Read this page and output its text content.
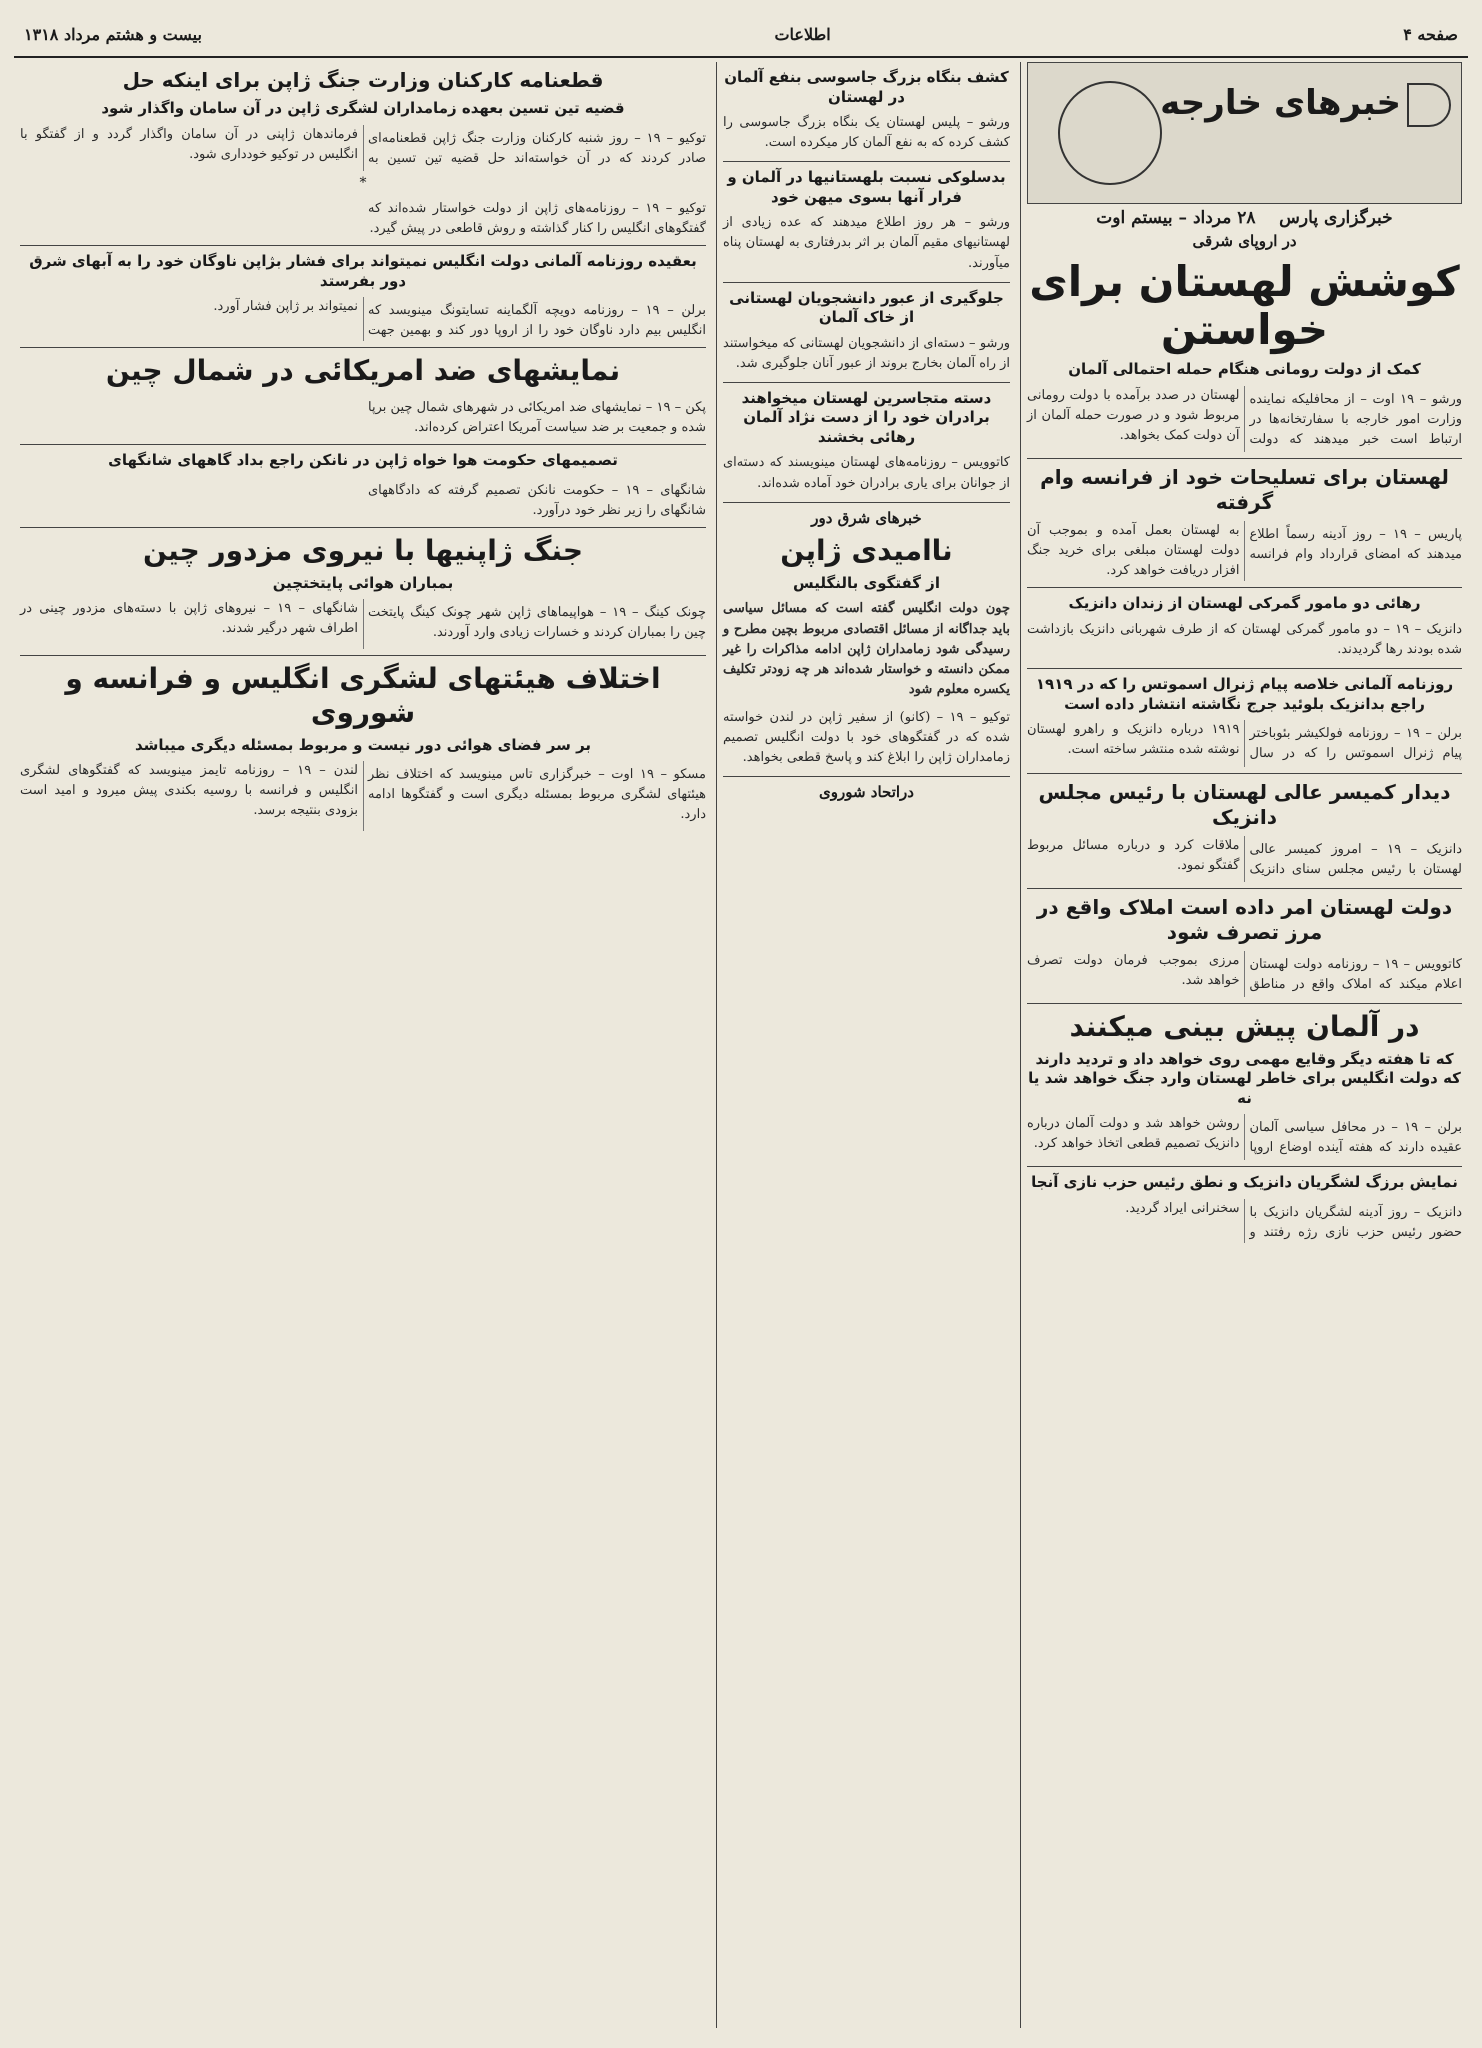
صفحه ۴
اطلاعات
بیست و هشتم مرداد ۱۳۱۸
خبرهای خارجه
خبرگزاری پارس    ۲۸ مرداد – بیستم اوت
در اروپای شرقی
کوشش لهستان برای خواستن
کمک از دولت رومانی هنگام حمله احتمالی آلمان

ورشو – ۱۹ اوت – از محافلیکه نماینده وزارت امور خارجه با سفارتخانه‌ها در ارتباط است خبر میدهند که دولت لهستان در صدد برآمده با دولت رومانی مربوط شود و در صورت حمله آلمان از آن دولت کمک بخواهد.

لهستان برای تسلیحات خود از فرانسه وام گرفته

پاریس – ۱۹ – روز آدینه رسماً اطلاع میدهند که امضای قرارداد وام فرانسه به لهستان بعمل آمده و بموجب آن دولت لهستان مبلغی برای خرید جنگ افزار دریافت خواهد کرد.

رهائی دو مامور گمرکی لهستان از زندان دانزیک

دانزیک – ۱۹ – دو مامور گمرکی لهستان که از طرف شهربانی دانزیک بازداشت شده بودند رها گردیدند.

روزنامه آلمانی خلاصه پیام ژنرال اسموتس را که در ۱۹۱۹ راجع بدانزیک بلوئید جرج نگاشته انتشار داده است

برلن – ۱۹ – روزنامه فولکیشر بئوباختر پیام ژنرال اسموتس را که در سال ۱۹۱۹ درباره دانزیک و راهرو لهستان نوشته شده منتشر ساخته است.

دیدار کمیسر عالی لهستان با رئیس مجلس دانزیک

دانزیک – ۱۹ – امروز کمیسر عالی لهستان با رئیس مجلس سنای دانزیک ملاقات کرد و درباره مسائل مربوط گفتگو نمود.

دولت لهستان امر داده است املاک واقع در مرز تصرف شود

کاتوویس – ۱۹ – روزنامه دولت لهستان اعلام میکند که املاک واقع در مناطق مرزی بموجب فرمان دولت تصرف خواهد شد.

در آلمان پیش بینی میکنند
که تا هفته دیگر وقایع مهمی روی خواهد داد و تردید دارند که دولت انگلیس برای خاطر لهستان وارد جنگ خواهد شد یا نه

برلن – ۱۹ – در محافل سیاسی آلمان عقیده دارند که هفته آینده اوضاع اروپا روشن خواهد شد و دولت آلمان درباره دانزیک تصمیم قطعی اتخاذ خواهد کرد.

نمایش برزگ لشگریان دانزیک و نطق رئیس حزب نازی آنجا

دانزیک – روز آدینه لشگریان دانزیک با حضور رئیس حزب نازی رژه رفتند و سخنرانی ایراد گردید.

کشف بنگاه بزرگ جاسوسی بنفع آلمان در لهستان

ورشو – پلیس لهستان یک بنگاه بزرگ جاسوسی را کشف کرده که به نفع آلمان کار میکرده است.

بدسلوکی نسبت بلهستانیها در آلمان و فرار آنها بسوی میهن خود

ورشو – هر روز اطلاع میدهند که عده زیادی از لهستانیهای مقیم آلمان بر اثر بدرفتاری به لهستان پناه میآورند.

جلوگیری از عبور دانشجویان لهستانی از خاک آلمان

ورشو – دسته‌ای از دانشجویان لهستانی که میخواستند از راه آلمان بخارج بروند از عبور آنان جلوگیری شد.

دسته متجاسرین لهستان میخواهند برادران خود را از دست نژاد آلمان رهائی بخشند

کاتوویس – روزنامه‌های لهستان مینویسند که دسته‌ای از جوانان برای یاری برادران خود آماده شده‌اند.

خبرهای شرق دور
ناامیدی ژاپن
از گفتگوی بالنگلیس

چون دولت انگلیس گفته است که مسائل سیاسی باید جداگانه از مسائل اقتصادی مربوط بچین مطرح و رسیدگی شود زمامداران ژاپن ادامه مذاکرات را غیر ممکن دانسته و خواستار شده‌اند هر چه زودتر تکلیف یکسره معلوم شود

توکیو – ۱۹ – (کانو) از سفیر ژاپن در لندن خواسته شده که در گفتگوهای خود با دولت انگلیس تصمیم زمامداران ژاپن را ابلاغ کند و پاسخ قطعی بخواهد.

دراتحاد شوروی
قطعنامه کارکنان وزارت جنگ ژاپن برای اینکه حل
قضیه تین تسین بعهده زمامداران لشگری ژاپن در آن سامان واگذار شود

توکیو – ۱۹ – روز شنبه کارکنان وزارت جنگ ژاپن قطعنامه‌ای صادر کردند که در آن خواسته‌اند حل قضیه تین تسین به فرماندهان ژاپنی در آن سامان واگذار گردد و از گفتگو با انگلیس در توکیو خودداری شود.

*

توکیو – ۱۹ – روزنامه‌های ژاپن از دولت خواستار شده‌اند که گفتگوهای انگلیس را کنار گذاشته و روش قاطعی در پیش گیرد.

بعقیده روزنامه آلمانی دولت انگلیس نمیتواند برای فشار بژاپن ناوگان خود را به آبهای شرق دور بفرستد

برلن – ۱۹ – روزنامه دویچه آلگماینه تسایتونگ مینویسد که انگلیس بیم دارد ناوگان خود را از اروپا دور کند و بهمین جهت نمیتواند بر ژاپن فشار آورد.

نمایشهای ضد امریکائی در شمال چین

پکن – ۱۹ – نمایشهای ضد امریکائی در شهرهای شمال چین برپا شده و جمعیت بر ضد سیاست آمریکا اعتراض کرده‌اند.

تصمیمهای حکومت هوا خواه ژاپن در نانکن راجع بداد گاههای شانگهای

شانگهای – ۱۹ – حکومت نانکن تصمیم گرفته که دادگاههای شانگهای را زیر نظر خود درآورد.

جنگ ژاپنیها با نیروی مزدور چین
بمباران هوائی پایتختچین

چونک کینگ – ۱۹ – هواپیماهای ژاپن شهر چونک کینگ پایتخت چین را بمباران کردند و خسارات زیادی وارد آوردند.

شانگهای – ۱۹ – نیروهای ژاپن با دسته‌های مزدور چینی در اطراف شهر درگیر شدند.

اختلاف هیئتهای لشگری انگلیس و فرانسه و شوروی
بر سر فضای هوائی دور نیست و مربوط بمسئله دیگری میباشد

مسکو – ۱۹ اوت – خبرگزاری تاس مینویسد که اختلاف نظر هیئتهای لشگری مربوط بمسئله دیگری است و گفتگوها ادامه دارد.

لندن – ۱۹ – روزنامه تایمز مینویسد که گفتگوهای لشگری انگلیس و فرانسه با روسیه بکندی پیش میرود و امید است بزودی بنتیجه برسد.
